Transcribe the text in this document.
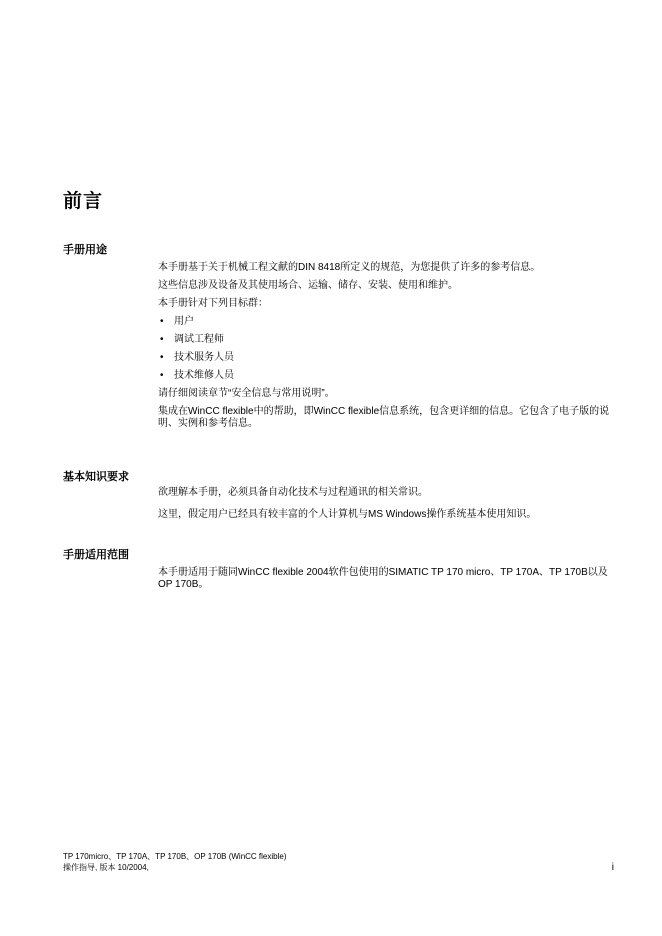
前言
手册用途

本手册基于关于机械工程文献的DIN 8418所定义的规范，为您提供了许多的参考信息。

这些信息涉及设备及其使用场合、运输、储存、安装、使用和维护。

本手册针对下列目标群：

• 用户
• 调试工程师
• 技术服务人员
• 技术维修人员

请仔细阅读章节“安全信息与常用说明”。

集成在WinCC flexible中的帮助，即WinCC flexible信息系统，包含更详细的信息。它包含了电子版的说明、实例和参考信息。

基本知识要求

欲理解本手册，必须具备自动化技术与过程通讯的相关常识。

这里，假定用户已经具有较丰富的个人计算机与MS Windows操作系统基本使用知识。

手册适用范围

本手册适用于随同WinCC flexible 2004软件包使用的SIMATIC TP 170 micro、TP 170A、TP 170B以及OP 170B。

TP 170micro、TP 170A、TP 170B、OP 170B (WinCC flexible)
操作指导, 版本 10/2004,	i
